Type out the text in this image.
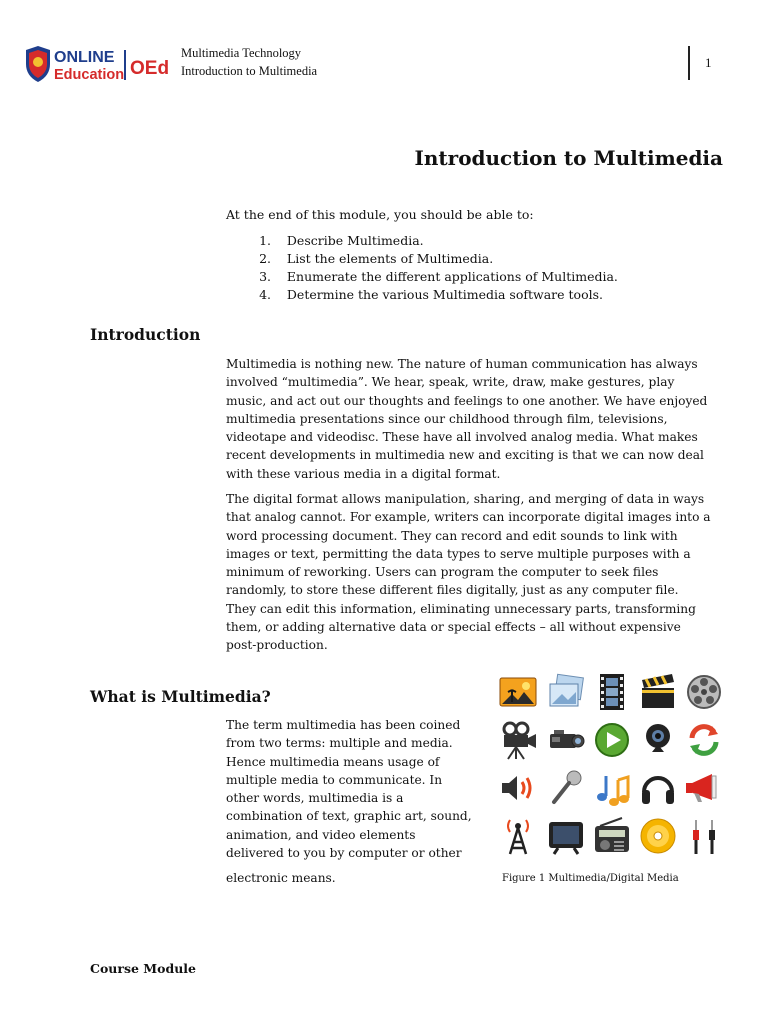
ONLINE
Education OEd
Multimedia Technology
Introduction to Multimedia
1
Introduction to Multimedia
At the end of this module, you should be able to:
1. Describe Multimedia.
2. List the elements of Multimedia.
3. Enumerate the different applications of Multimedia.
4. Determine the various Multimedia software tools.
Introduction

Multimedia is nothing new. The nature of human communication has always
involved “multimedia”. We hear, speak, write, draw, make gestures, play
music, and act out our thoughts and feelings to one another. We have enjoyed
multimedia presentations since our childhood through film, televisions,
videotape and videodisc. These have all involved analog media. What makes
recent developments in multimedia new and exciting is that we can now deal
with these various media in a digital format.

The digital format allows manipulation, sharing, and merging of data in ways
that analog cannot. For example, writers can incorporate digital images into a
word processing document. They can record and edit sounds to link with
images or text, permitting the data types to serve multiple purposes with a
minimum of reworking. Users can program the computer to seek files
randomly, to store these different files digitally, just as any computer file.
They can edit this information, eliminating unnecessary parts, transforming
them, or adding alternative data or special effects – all without expensive
post-production.

What is Multimedia?

The term multimedia has been coined
from two terms: multiple and media.
Hence multimedia means usage of
multiple media to communicate. In
other words, multimedia is a
combination of text, graphic art, sound,
animation, and video elements
delivered to you by computer or other

electronic means.	Figure 1 Multimedia/Digital Media
Course Module
